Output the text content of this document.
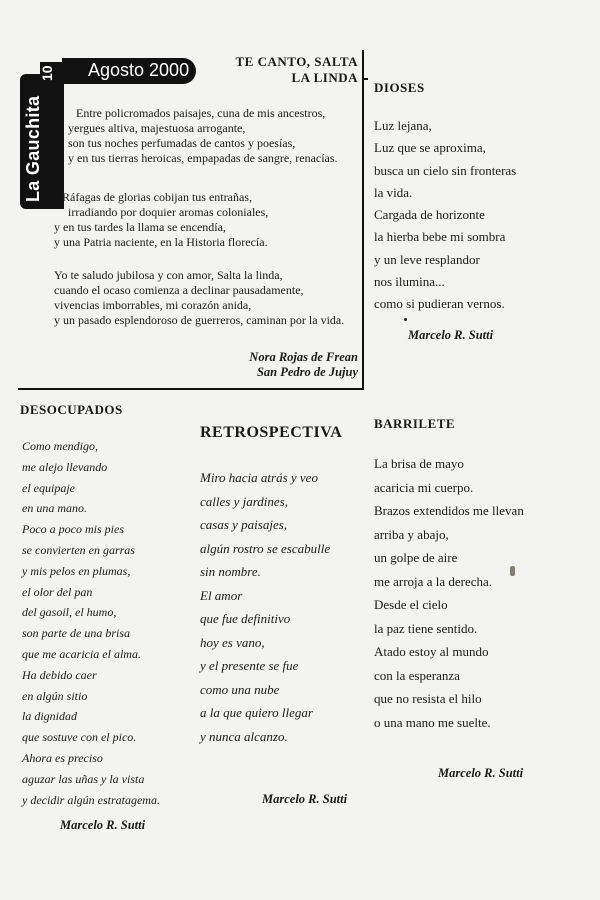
La Gauchita
10 Agosto 2000	TE CANTO, SALTA
LA LINDA
Entre policromados paisajes, cuna de mis ancestros,
yergues altiva, majestuosa arrogante,
son tus noches perfumadas de cantos y poesías,
y en tus tierras heroicas, empapadas de sangre, renacías.
Ráfagas de glorias cobijan tus entrañas,
irradiando por doquier aromas coloniales,
y en tus tardes la llama se encendía,
y una Patria naciente, en la Historia florecía.
Yo te saludo jubilosa y con amor, Salta la linda,
cuando el ocaso comienza a declinar pausadamente,
vivencias imborrables, mi corazón anida,
y un pasado esplendoroso de guerreros, caminan por la vida.
Nora Rojas de Frean
San Pedro de Jujuy
DIOSES
Luz lejana,
Luz que se aproxima,
busca un cielo sin fronteras
la vida.
Cargada de horizonte
la hierba bebe mi sombra
y un leve resplandor
nos ilumina...
como si pudieran vernos.
Marcelo R. Sutti
DESOCUPADOS
Como mendigo,
me alejo llevando
el equipaje
en una mano.
Poco a poco mis pies
se convierten en garras
y mis pelos en plumas,
el olor del pan
del gasoil, el humo,
son parte de una brisa
que me acaricia el alma.
Ha debido caer
en algún sitio
la dignidad
que sostuve con el pico.
Ahora es preciso
aguzar las uñas y la vista
y decidir algún estratagema.
Marcelo R. Sutti
RETROSPECTIVA
Miro hacia atrás y veo
calles y jardines,
casas y paisajes,
algún rostro se escabulle
sin nombre.
El amor
que fue definitivo
hoy es vano,
y el presente se fue
como una nube
a la que quiero llegar
y nunca alcanzo.
Marcelo R. Sutti
BARRILETE
La brisa de mayo
acaricia mi cuerpo.
Brazos extendidos me llevan
arriba y abajo,
un golpe de aire
me arroja a la derecha.
Desde el cielo
la paz tiene sentido.
Atado estoy al mundo
con la esperanza
que no resista el hilo
o una mano me suelte.
Marcelo R. Sutti
